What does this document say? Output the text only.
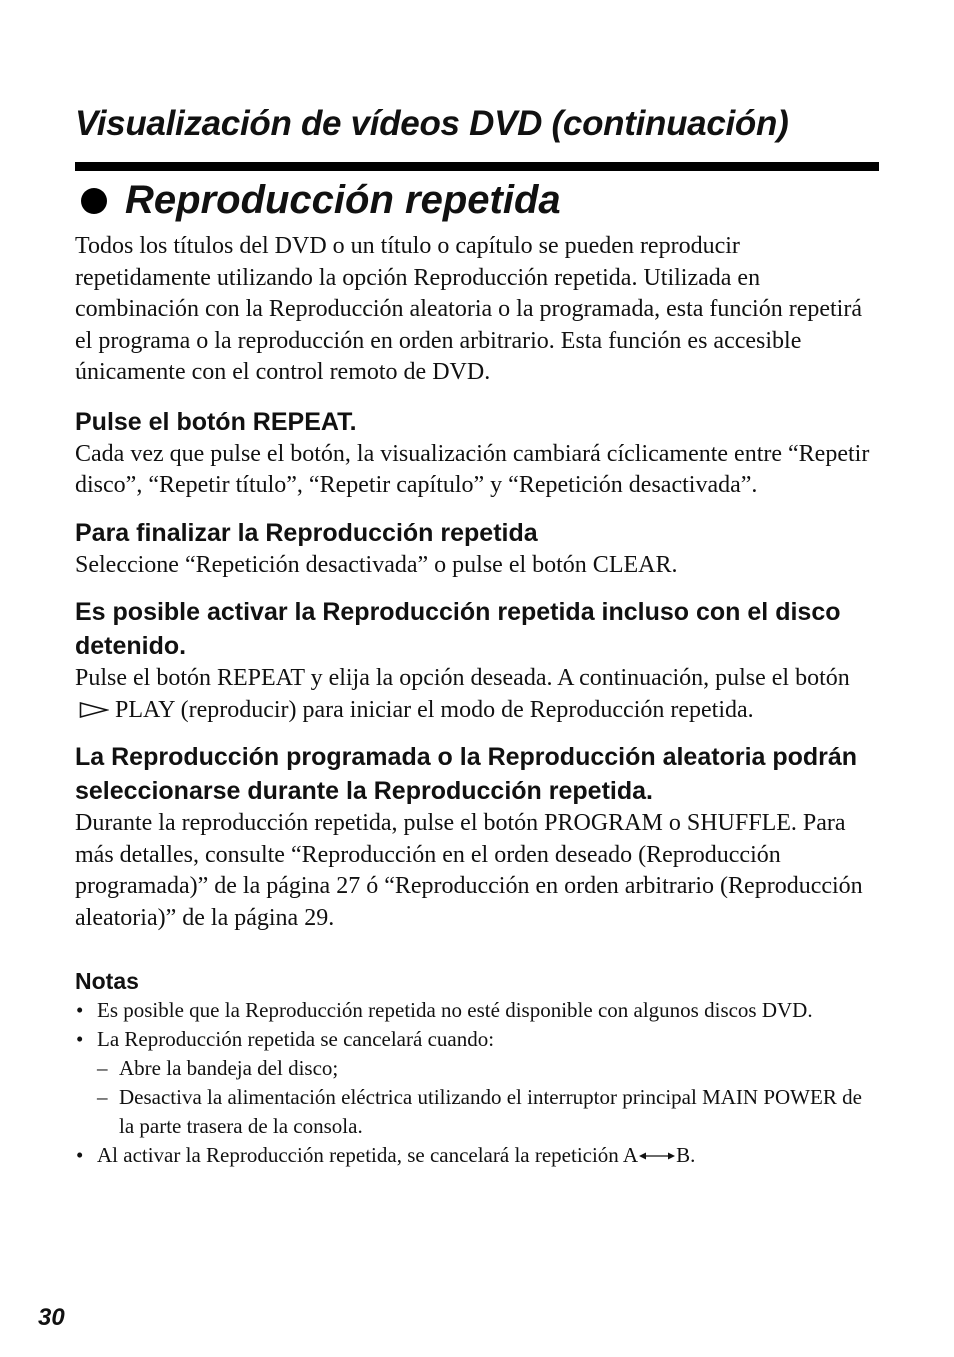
Visualización de vídeos DVD (continuación)
Reproducción repetida

Todos los títulos del DVD o un título o capítulo se pueden reproducir repetidamente utilizando la opción Reproducción repetida. Utilizada en combinación con la Reproducción aleatoria o la programada, esta función repetirá el programa o la reproducción en orden arbitrario. Esta función es accesible únicamente con el control remoto de DVD.

Pulse el botón REPEAT.

Cada vez que pulse el botón, la visualización cambiará cíclicamente entre “Repetir disco”, “Repetir título”, “Repetir capítulo” y “Repetición desactivada”.

Para finalizar la Reproducción repetida

Seleccione “Repetición desactivada” o pulse el botón CLEAR.

Es posible activar la Reproducción repetida incluso con el disco detenido.

Pulse el botón REPEAT y elija la opción deseada. A continuación, pulse el botónPLAY (reproducir) para iniciar el modo de Reproducción repetida.

La Reproducción programada o la Reproducción aleatoria podrán seleccionarse durante la Reproducción repetida.

Durante la reproducción repetida, pulse el botón PROGRAM o SHUFFLE. Para más detalles, consulte “Reproducción en el orden deseado (Reproducción programada)” de la página 27 ó “Reproducción en orden arbitrario (Reproducción aleatoria)” de la página 29.

Notas
• Es posible que la Reproducción repetida no esté disponible con algunos discos DVD.
• La Reproducción repetida se cancelará cuando:
– Abre la bandeja del disco;
– Desactiva la alimentación eléctrica utilizando el interruptor principal MAIN POWER de la parte trasera de la consola.
• Al activar la Reproducción repetida, se cancelará la repetición A B.

30
